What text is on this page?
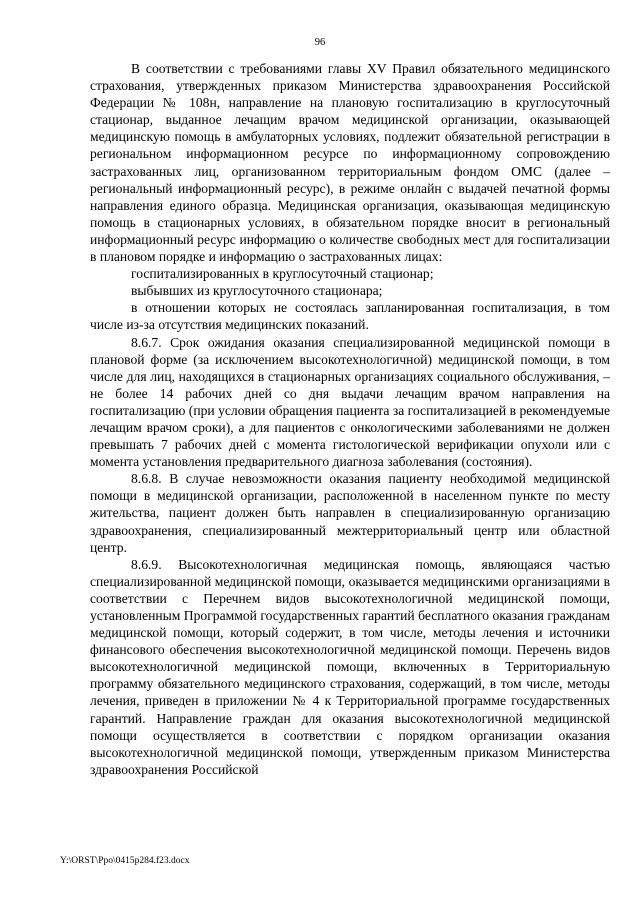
96

В соответствии с требованиями главы XV Правил обязательного медицинского страхования, утвержденных приказом Министерства здравоохранения Российской Федерации № 108н, направление на плановую госпитализацию в круглосуточный стационар, выданное лечащим врачом медицинской организации, оказывающей медицинскую помощь в амбулаторных условиях, подлежит обязательной регистрации в региональном информационном ресурсе по информационному сопровождению застрахованных лиц, организованном территориальным фондом ОМС (далее – региональный информационный ресурс), в режиме онлайн с выдачей печатной формы направления единого образца. Медицинская организация, оказывающая медицинскую помощь в стационарных условиях, в обязательном порядке вносит в региональный информационный ресурс информацию о количестве свободных мест для госпитализации в плановом порядке и информацию о застрахованных лицах:

госпитализированных в круглосуточный стационар;

выбывших из круглосуточного стационара;

в отношении которых не состоялась запланированная госпитализация, в том числе из-за отсутствия медицинских показаний.

8.6.7. Срок ожидания оказания специализированной медицинской помощи в плановой форме (за исключением высокотехнологичной) медицинской помощи, в том числе для лиц, находящихся в стационарных организациях социального обслуживания, – не более 14 рабочих дней со дня выдачи лечащим врачом направления на госпитализацию (при условии обращения пациента за госпитализацией в рекомендуемые лечащим врачом сроки), а для пациентов с онкологическими заболеваниями не должен превышать 7 рабочих дней с момента гистологической верификации опухоли или с момента установления предварительного диагноза заболевания (состояния).

8.6.8. В случае невозможности оказания пациенту необходимой медицинской помощи в медицинской организации, расположенной в населенном пункте по месту жительства, пациент должен быть направлен в специализированную организацию здравоохранения, специализированный межтерриториальный центр или областной центр.

8.6.9. Высокотехнологичная медицинская помощь, являющаяся частью специализированной медицинской помощи, оказывается медицинскими организациями в соответствии с Перечнем видов высокотехнологичной медицинской помощи, установленным Программой государственных гарантий бесплатного оказания гражданам медицинской помощи, который содержит, в том числе, методы лечения и источники финансового обеспечения высокотехнологичной медицинской помощи. Перечень видов высокотехнологичной медицинской помощи, включенных в Территориальную программу обязательного медицинского страхования, содержащий, в том числе, методы лечения, приведен в приложении № 4 к Территориальной программе государственных гарантий. Направление граждан для оказания высокотехнологичной медицинской помощи осуществляется в соответствии с порядком организации оказания высокотехнологичной медицинской помощи, утвержденным приказом Министерства здравоохранения Российской

Y:\ORST\Ppo\0415p284.f23.docx
